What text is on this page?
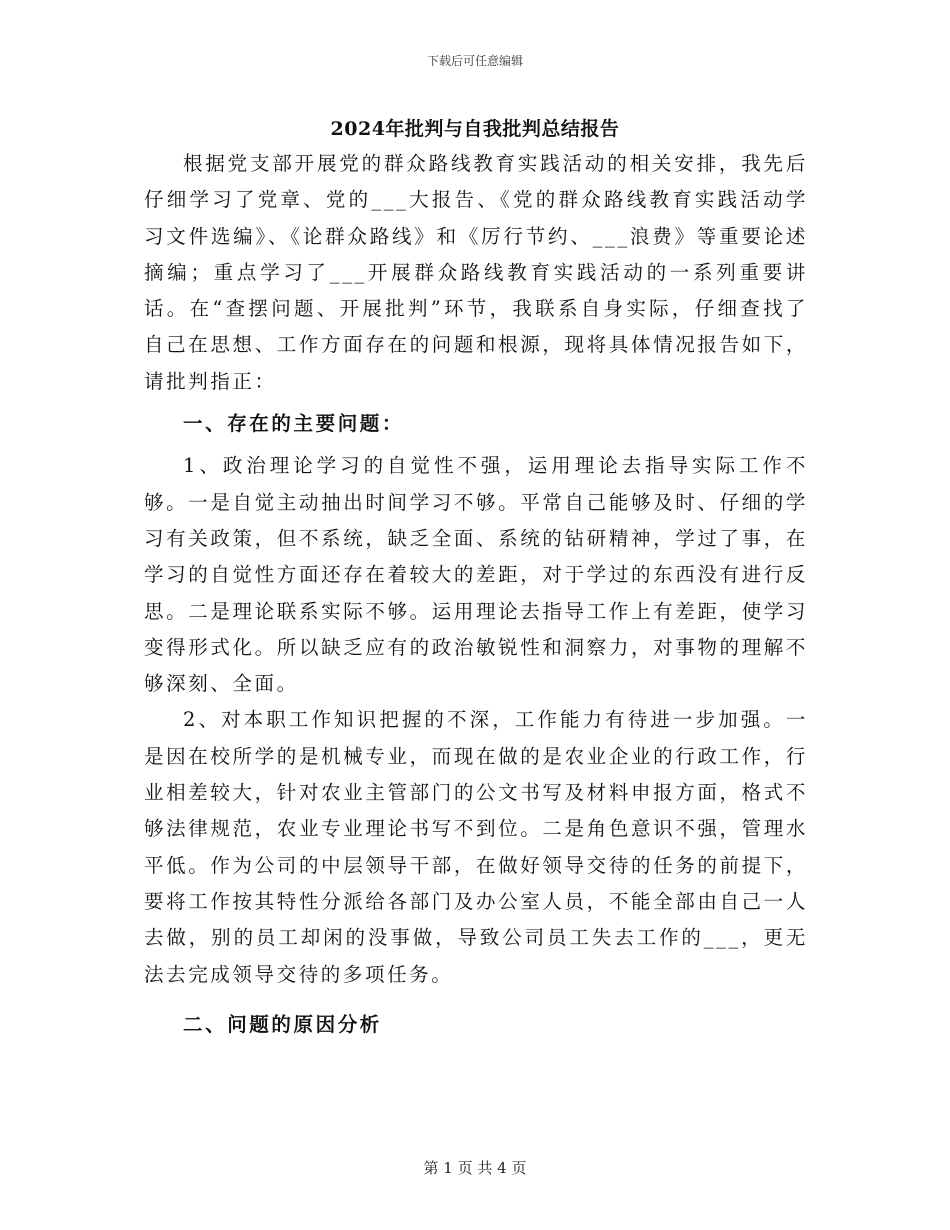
下载后可任意编辑
2024年批判与自我批判总结报告

根据党支部开展党的群众路线教育实践活动的相关安排，我先后仔细学习了党章、党的___大报告、《党的群众路线教育实践活动学习文件选编》、《论群众路线》和《厉行节约、___浪费》等重要论述摘编；重点学习了___开展群众路线教育实践活动的一系列重要讲话。在“查摆问题、开展批判”环节，我联系自身实际，仔细查找了自己在思想、工作方面存在的问题和根源，现将具体情况报告如下，请批判指正：

一、存在的主要问题：

1、政治理论学习的自觉性不强，运用理论去指导实际工作不够。一是自觉主动抽出时间学习不够。平常自己能够及时、仔细的学习有关政策，但不系统，缺乏全面、系统的钻研精神，学过了事，在学习的自觉性方面还存在着较大的差距，对于学过的东西没有进行反思。二是理论联系实际不够。运用理论去指导工作上有差距，使学习变得形式化。所以缺乏应有的政治敏锐性和洞察力，对事物的理解不够深刻、全面。

2、对本职工作知识把握的不深，工作能力有待进一步加强。一是因在校所学的是机械专业，而现在做的是农业企业的行政工作，行业相差较大，针对农业主管部门的公文书写及材料申报方面，格式不够法律规范，农业专业理论书写不到位。二是角色意识不强，管理水平低。作为公司的中层领导干部，在做好领导交待的任务的前提下，要将工作按其特性分派给各部门及办公室人员，不能全部由自己一人去做，别的员工却闲的没事做，导致公司员工失去工作的___，更无法去完成领导交待的多项任务。

二、问题的原因分析

第 1 页 共 4 页
